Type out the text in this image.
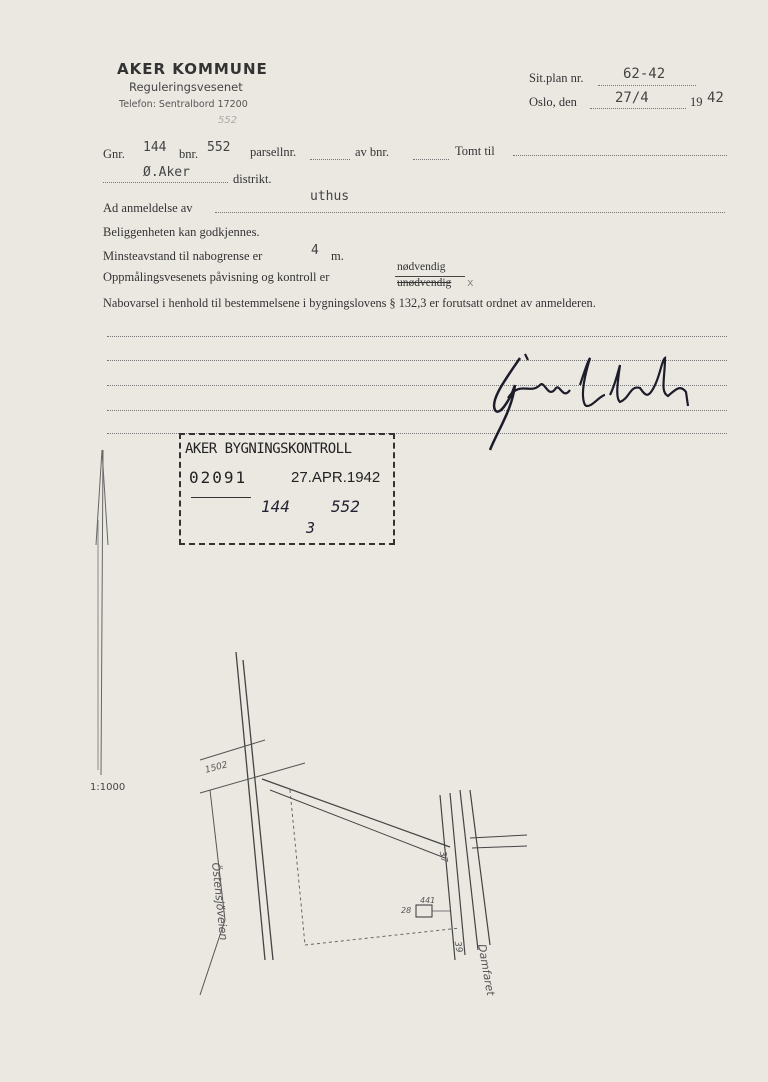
AKER KOMMUNE
Reguleringsvesenet
Telefon: Sentralbord 17200
552
Sit.plan nr.	62-42
Oslo, den	27/4	19 42
Gnr. 144 bnr. 552 parsellnr.	av bnr.	Tomt til
Ø.Aker	distrikt.
Ad anmeldelse av
uthus
Beliggenheten kan godkjennes.
Minsteavstand til nabogrense er	4 m.
Oppmålingsvesenets påvisning og kontroll er
nødvendig
unødvendig x
Nabovarsel i henhold til bestemmelsene i bygningslovens § 132,3 er forutsatt ordnet av anmelderen.
AKER BYGNINGSKONTROLL
02091	27.APR.1942
144	552
3
1:1000
Östensjöveien
Damfaret
1502
37
39
28
441
